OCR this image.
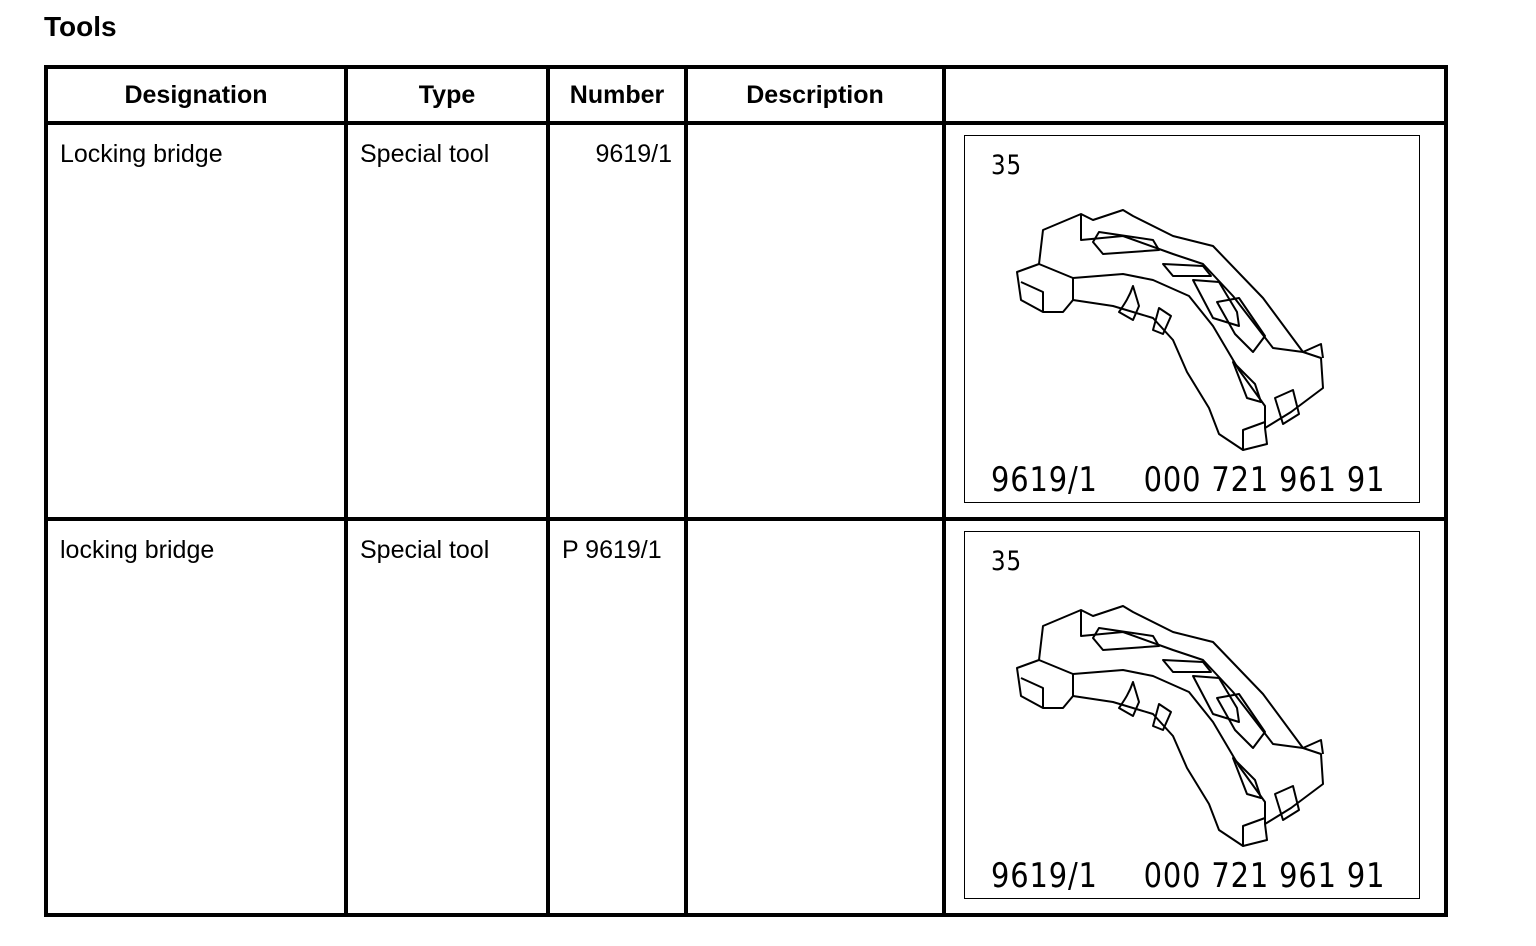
Tools
Designation	Type	Number	Description	

Locking bridge	Special tool	9619/1		35
9619/1 000 721 961 91

locking bridge	Special tool	P 9619/1		35
9619/1 000 721 961 91
